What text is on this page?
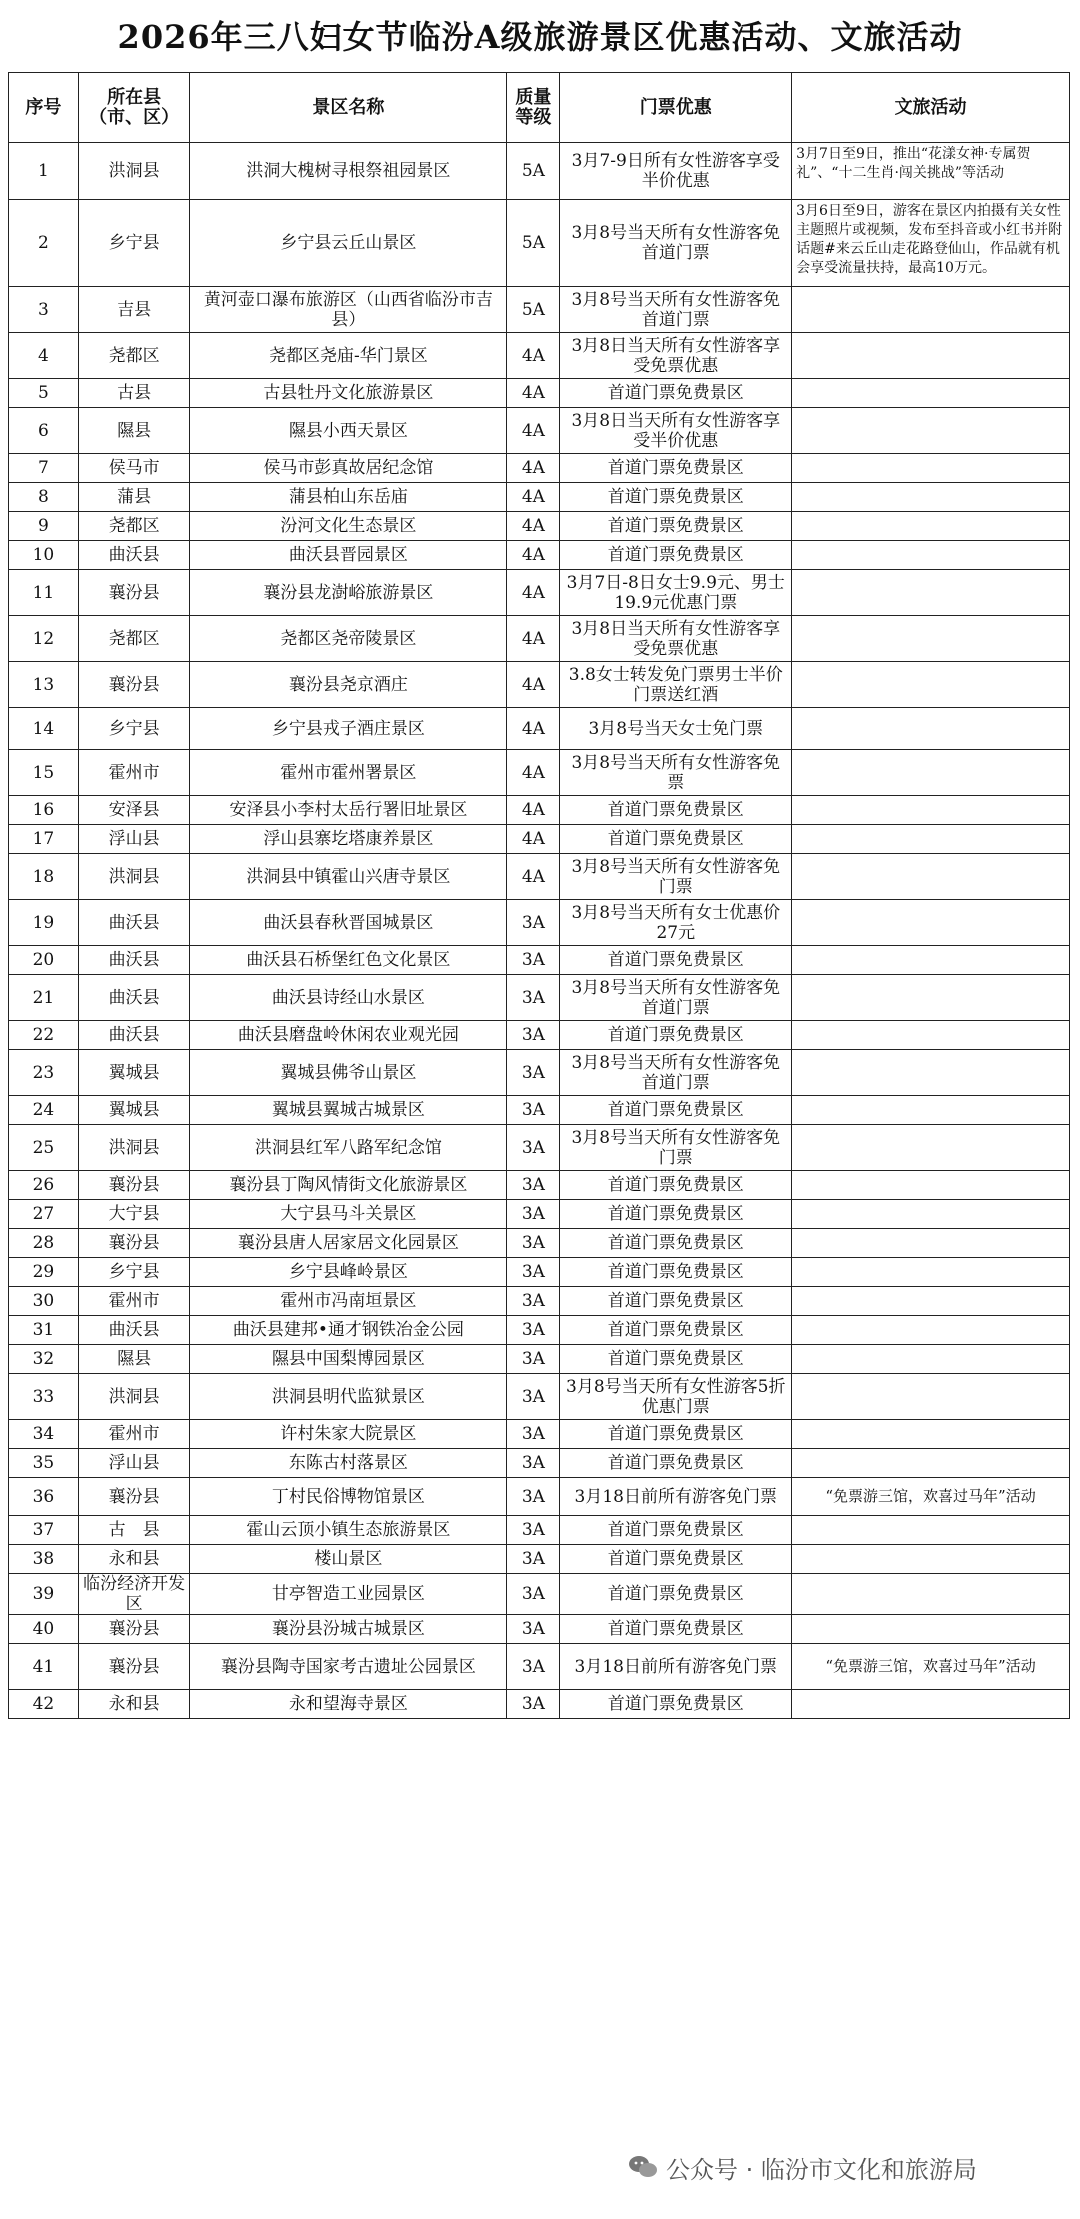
2026年三八妇女节临汾A级旅游景区优惠活动、文旅活动
序号	所在县（市、区）	景区名称	质量等级	门票优惠	文旅活动
1	洪洞县	洪洞大槐树寻根祭祖园景区	5A	3月7-9日所有女性游客享受半价优惠	3月7日至9日，推出“花漾女神·专属贺礼”、“十二生肖·闯关挑战”等活动
2	乡宁县	乡宁县云丘山景区	5A	3月8号当天所有女性游客免首道门票	3月6日至9日，游客在景区内拍摄有关女性主题照片或视频，发布至抖音或小红书并附话题#来云丘山走花路登仙山，作品就有机会享受流量扶持，最高10万元。
3	吉县	黄河壶口瀑布旅游区（山西省临汾市吉县）	5A	3月8号当天所有女性游客免首道门票	
4	尧都区	尧都区尧庙-华门景区	4A	3月8日当天所有女性游客享受免票优惠	
5	古县	古县牡丹文化旅游景区	4A	首道门票免费景区	
6	隰县	隰县小西天景区	4A	3月8日当天所有女性游客享受半价优惠	
7	侯马市	侯马市彭真故居纪念馆	4A	首道门票免费景区	
8	蒲县	蒲县柏山东岳庙	4A	首道门票免费景区	
9	尧都区	汾河文化生态景区	4A	首道门票免费景区	
10	曲沃县	曲沃县晋园景区	4A	首道门票免费景区	
11	襄汾县	襄汾县龙澍峪旅游景区	4A	3月7日-8日女士9.9元、男士19.9元优惠门票	
12	尧都区	尧都区尧帝陵景区	4A	3月8日当天所有女性游客享受免票优惠	
13	襄汾县	襄汾县尧京酒庄	4A	3.8女士转发免门票男士半价门票送红酒	
14	乡宁县	乡宁县戎子酒庄景区	4A	3月8号当天女士免门票	
15	霍州市	霍州市霍州署景区	4A	3月8号当天所有女性游客免票	
16	安泽县	安泽县小李村太岳行署旧址景区	4A	首道门票免费景区	
17	浮山县	浮山县寨圪塔康养景区	4A	首道门票免费景区	
18	洪洞县	洪洞县中镇霍山兴唐寺景区	4A	3月8号当天所有女性游客免门票	
19	曲沃县	曲沃县春秋晋国城景区	3A	3月8号当天所有女士优惠价27元	
20	曲沃县	曲沃县石桥堡红色文化景区	3A	首道门票免费景区	
21	曲沃县	曲沃县诗经山水景区	3A	3月8号当天所有女性游客免首道门票	
22	曲沃县	曲沃县磨盘岭休闲农业观光园	3A	首道门票免费景区	
23	翼城县	翼城县佛爷山景区	3A	3月8号当天所有女性游客免首道门票	
24	翼城县	翼城县翼城古城景区	3A	首道门票免费景区	
25	洪洞县	洪洞县红军八路军纪念馆	3A	3月8号当天所有女性游客免门票	
26	襄汾县	襄汾县丁陶风情街文化旅游景区	3A	首道门票免费景区	
27	大宁县	大宁县马斗关景区	3A	首道门票免费景区	
28	襄汾县	襄汾县唐人居家居文化园景区	3A	首道门票免费景区	
29	乡宁县	乡宁县峰岭景区	3A	首道门票免费景区	
30	霍州市	霍州市冯南垣景区	3A	首道门票免费景区	
31	曲沃县	曲沃县建邦•通才钢铁冶金公园	3A	首道门票免费景区	
32	隰县	隰县中国梨博园景区	3A	首道门票免费景区	
33	洪洞县	洪洞县明代监狱景区	3A	3月8号当天所有女性游客5折优惠门票	
34	霍州市	许村朱家大院景区	3A	首道门票免费景区	
35	浮山县	东陈古村落景区	3A	首道门票免费景区	
36	襄汾县	丁村民俗博物馆景区	3A	3月18日前所有游客免门票	“免票游三馆，欢喜过马年”活动
37	古　县	霍山云顶小镇生态旅游景区	3A	首道门票免费景区	
38	永和县	楼山景区	3A	首道门票免费景区	
39	临汾经济开发区	甘亭智造工业园景区	3A	首道门票免费景区	
40	襄汾县	襄汾县汾城古城景区	3A	首道门票免费景区	
41	襄汾县	襄汾县陶寺国家考古遗址公园景区	3A	3月18日前所有游客免门票	“免票游三馆，欢喜过马年”活动
42	永和县	永和望海寺景区	3A	首道门票免费景区	
公众号 · 临汾市文化和旅游局
